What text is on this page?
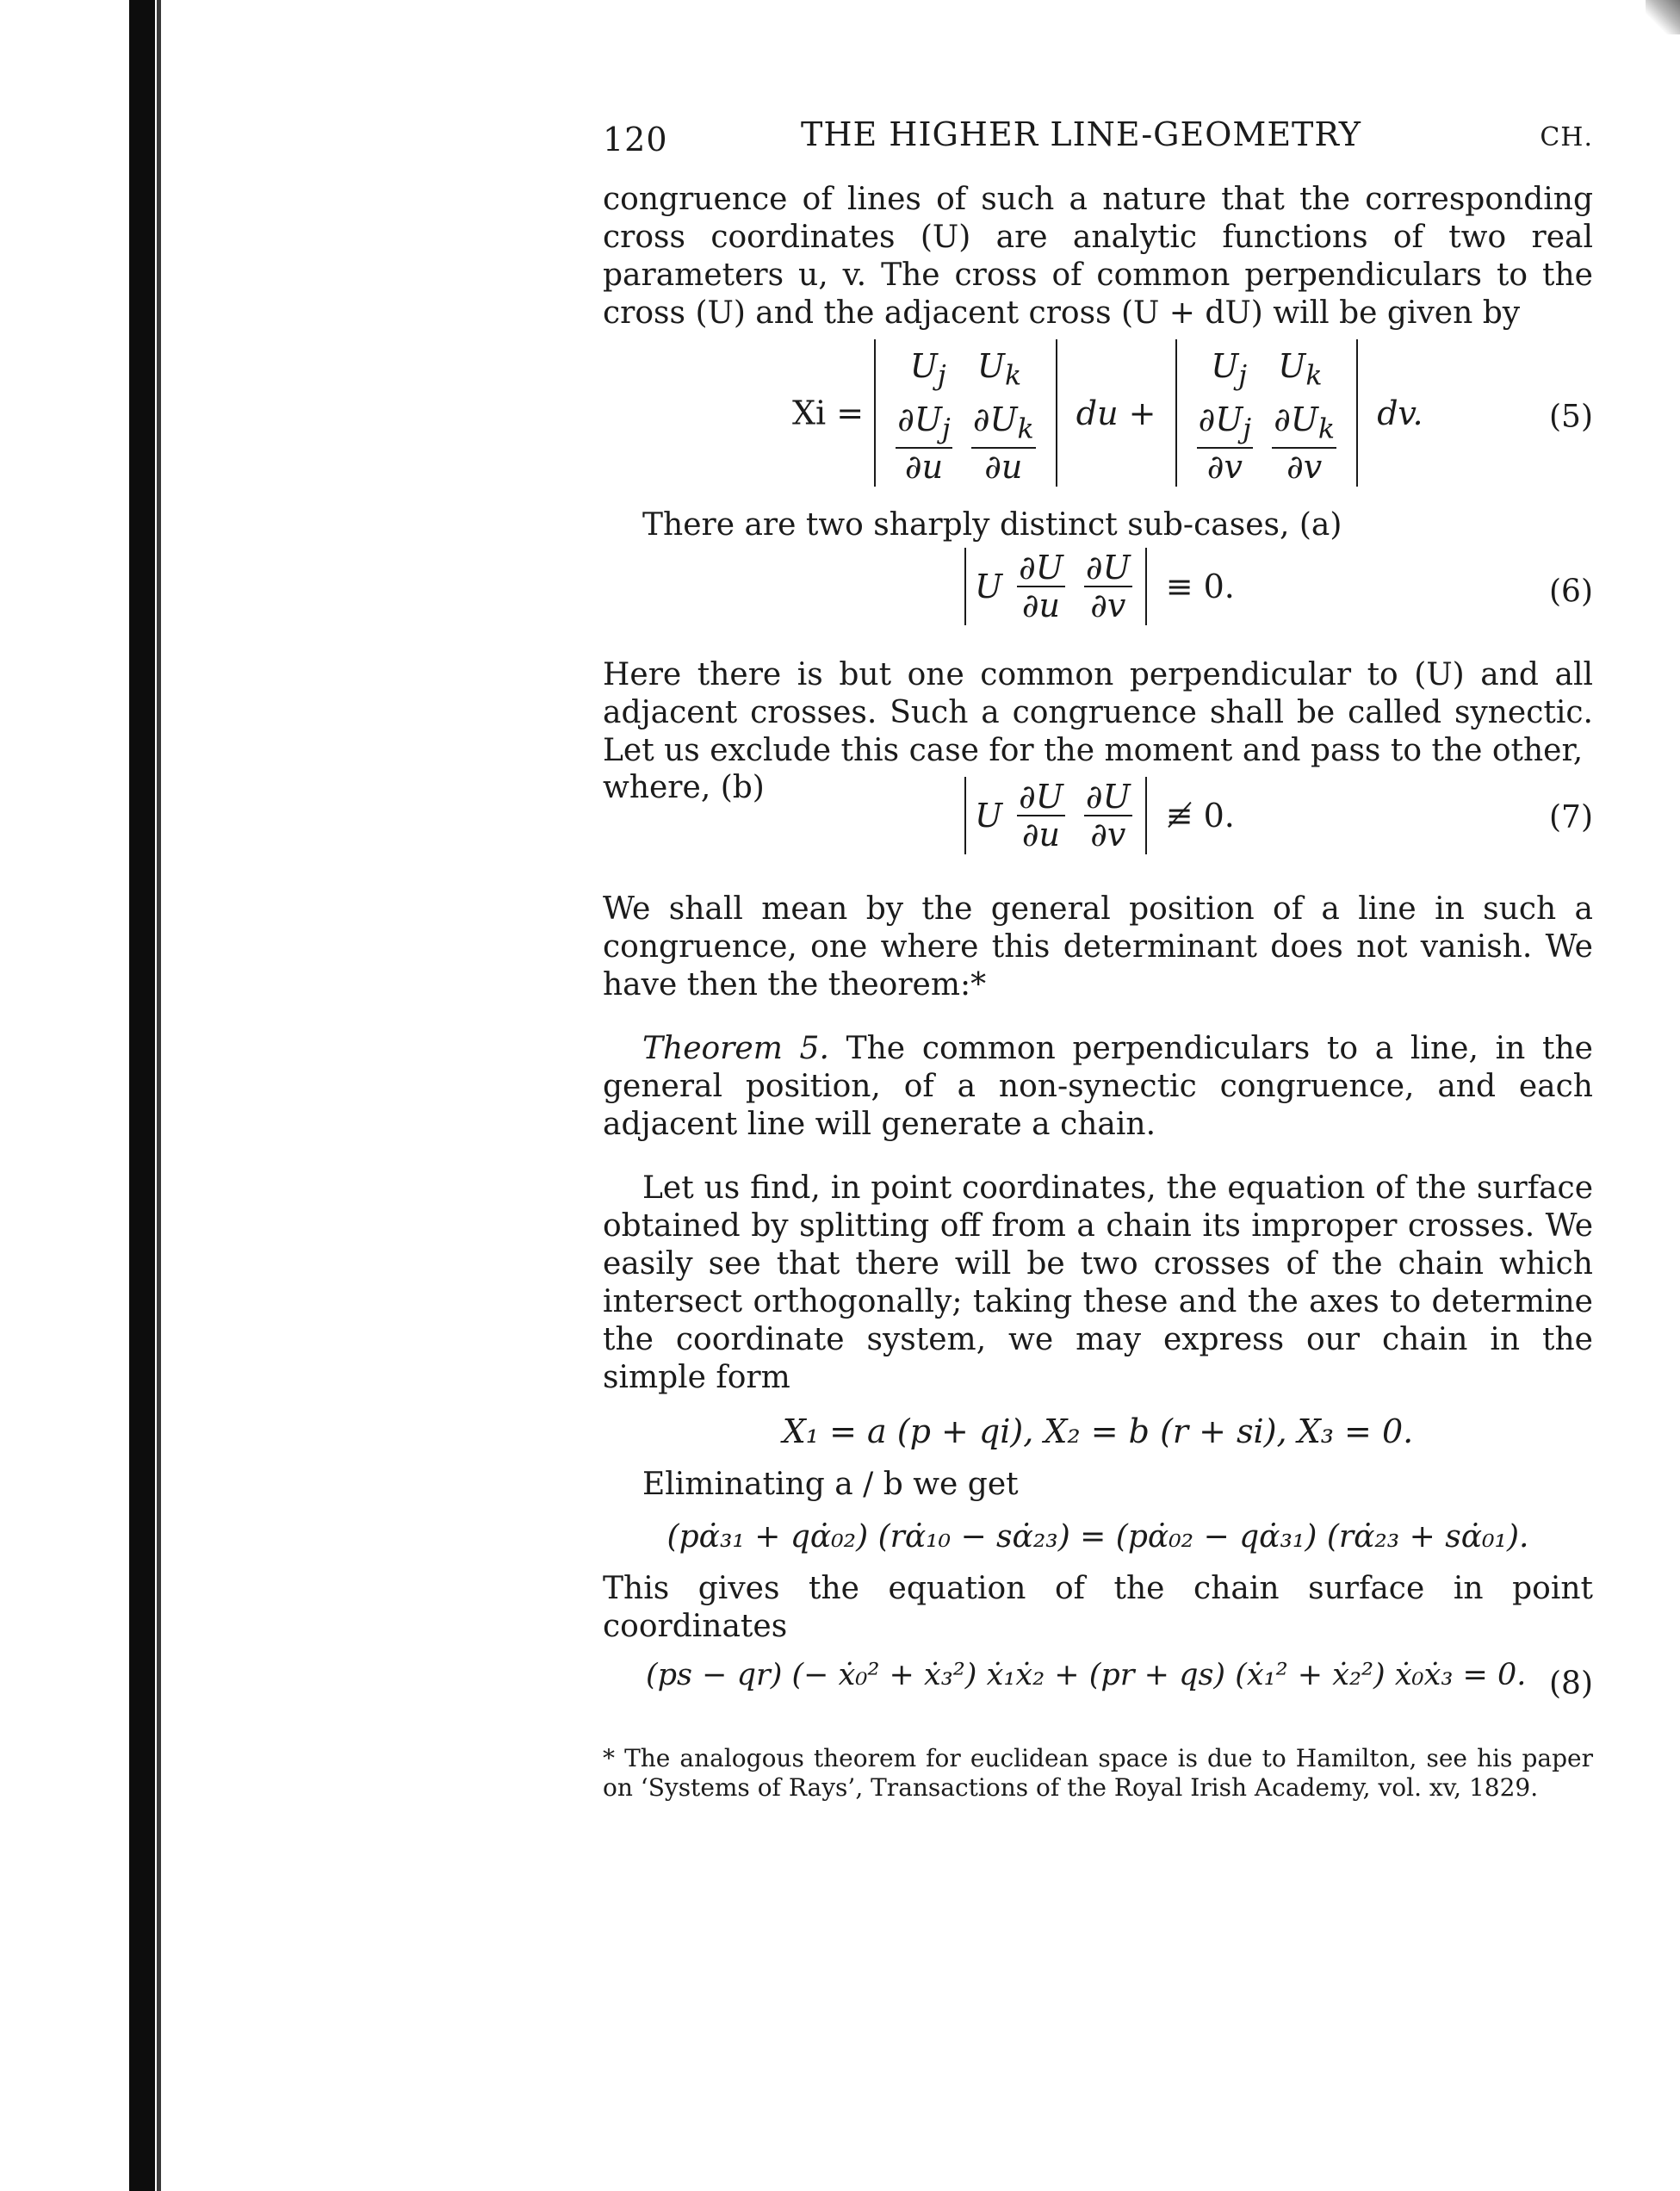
120	THE HIGHER LINE-GEOMETRY	CH.

congruence of lines of such a nature that the corresponding cross coordinates (U) are analytic functions of two real parameters u, v. The cross of common perpendiculars to the cross (U) and the adjacent cross (U + dU) will be given by

Xi =
$U_j$ $U_k$
$\frac{\partial U_j}{\partial u}$
$\frac{\partial U_k}{\partial u}$ du +
$U_j$ $U_k$
$\frac{\partial U_j}{\partial v}$
$\frac{\partial U_k}{\partial v}$ dv.	(5)

There are two sharply distinct sub-cases, (a)

U $\frac{\partial U}{\partial u}$
$\frac{\partial U}{\partial v} \equiv 0$.	(6)

Here there is but one common perpendicular to (U) and all adjacent crosses. Such a congruence shall be called synectic. Let us exclude this case for the moment and pass to the other,

where, (b)
U $\frac{\partial U}{\partial u}$
$\frac{\partial U}{\partial v}$ ≢ 0.	(7)

We shall mean by the general position of a line in such a congruence, one where this determinant does not vanish. We have then the theorem:*

Theorem 5. The common perpendiculars to a line, in the general position, of a non-synectic congruence, and each adjacent line will generate a chain.

Let us find, in point coordinates, the equation of the surface obtained by splitting off from a chain its improper crosses. We easily see that there will be two crosses of the chain which intersect orthogonally; taking these and the axes to determine the coordinate system, we may express our chain in the simple form

X₁ = a (p + qi), X₂ = b (r + si), X₃ = 0.

Eliminating a / b we get

(pα̇₃₁ + qα̇₀₂) (rα̇₁₀ − sα̇₂₃) = (pα̇₀₂ − qα̇₃₁) (rα̇₂₃ + sα̇₀₁).

This gives the equation of the chain surface in point coordinates

(ps − qr) (− ẋ₀² + ẋ₃²) ẋ₁ẋ₂ + (pr + qs) (ẋ₁² + ẋ₂²) ẋ₀ẋ₃ = 0. (8)

* The analogous theorem for euclidean space is due to Hamilton, see his paper on ‘Systems of Rays’, Transactions of the Royal Irish Academy, vol. xv, 1829.
